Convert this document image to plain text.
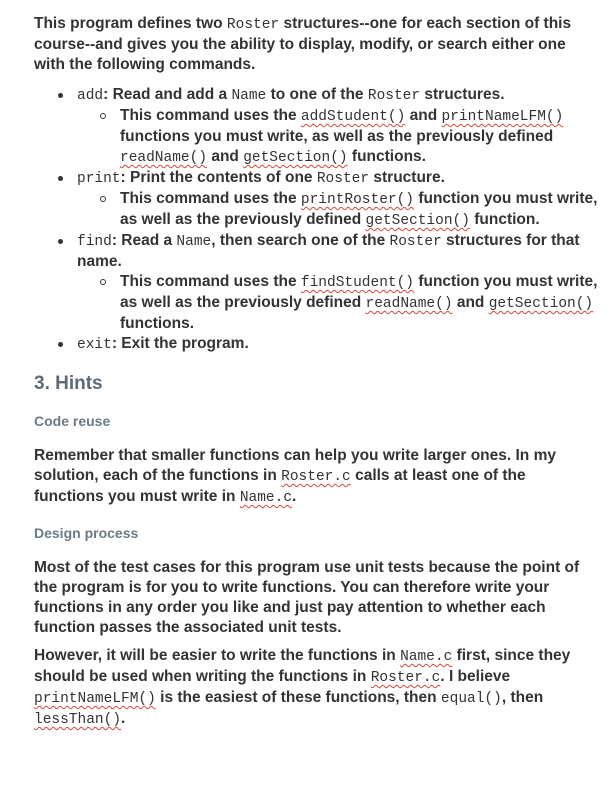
This program defines two Roster structures--one for each section of this course--and gives you the ability to display, modify, or search either one with the following commands.

add: Read and add a Name to one of the Roster structures.
This command uses the addStudent() and printNameLFM() functions you must write, as well as the previously defined readName() and getSection() functions.
print: Print the contents of one Roster structure.
This command uses the printRoster() function you must write, as well as the previously defined getSection() function.
find: Read a Name, then search one of the Roster structures for that name.
This command uses the findStudent() function you must write, as well as the previously defined readName() and getSection() functions.
exit: Exit the program.
3. Hints
Code reuse

Remember that smaller functions can help you write larger ones. In my solution, each of the functions in Roster.c calls at least one of the functions you must write in Name.c.

Design process

Most of the test cases for this program use unit tests because the point of the program is for you to write functions. You can therefore write your functions in any order you like and just pay attention to whether each function passes the associated unit tests.

However, it will be easier to write the functions in Name.c first, since they should be used when writing the functions in Roster.c. I believe printNameLFM() is the easiest of these functions, then equal(), then lessThan().
